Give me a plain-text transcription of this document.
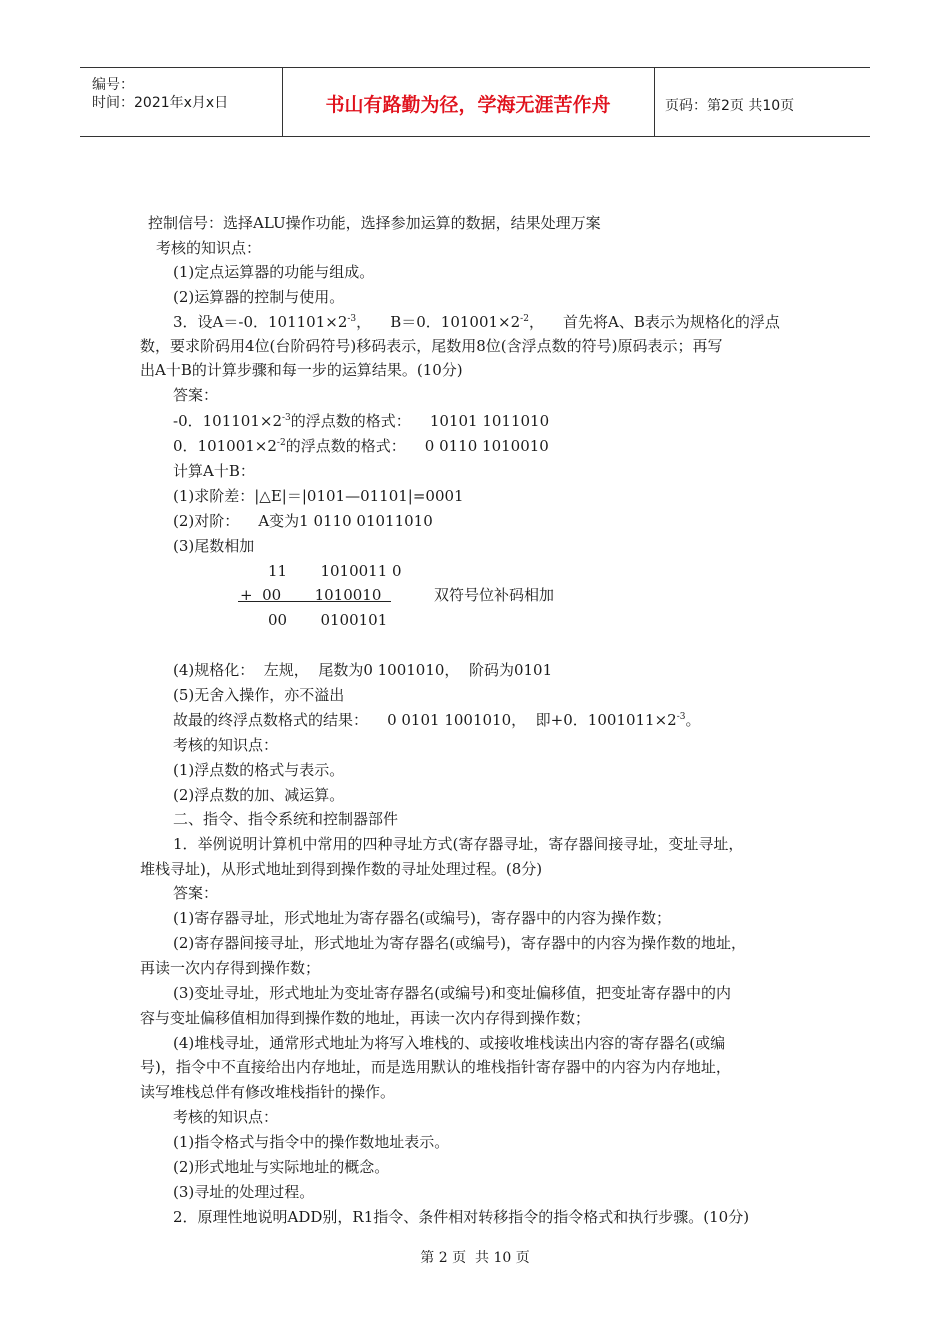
编号：
时间：2021年x月x日	书山有路勤为径，学海无涯苦作舟	页码：第2页 共10页
控制信号：选择ALU操作功能，选择参加运算的数据，结果处理万案
考核的知识点：
(1)定点运算器的功能与组成。
(2)运算器的控制与使用。
3．设A＝-0．$101101\times 2^{-3}$，    B＝0．$101001\times 2^{-2}$，    首先将A、B表示为规格化的浮点
数，要求阶码用4位(台阶码符号)移码表示，尾数用8位(含浮点数的符号)原码表示；再写
出A十B的计算步骤和每一步的运算结果。(10分)
答案：
-0．$101101\times 2^{-3}$的浮点数的格式：    10101 1011010
0．$101001\times 2^{-2}$的浮点数的格式：    0 0110 1010010
计算A十B：
(1)求阶差：|△E|＝|0101—01101|=0001
(2)对阶：    A变为1 0110 01011010
(3)尾数相加
11       1010011 0
+  00       1010010	双符号位补码相加
00       0100101
(4)规格化：  左规，  尾数为0 1001010，  阶码为0101
(5)无舍入操作，亦不溢出
故最的终浮点数格式的结果：    0 0101 1001010，  即+0．$1001011\times 2^{-3}$。
考核的知识点：
(1)浮点数的格式与表示。
(2)浮点数的加、减运算。
二、指令、指令系统和控制器部件
1．举例说明计算机中常用的四种寻址方式(寄存器寻址，寄存器间接寻址，变址寻址，
堆栈寻址)，从形式地址到得到操作数的寻址处理过程。(8分)
答案：
(1)寄存器寻址，形式地址为寄存器名(或编号)，寄存器中的内容为操作数；
(2)寄存器间接寻址，形式地址为寄存器名(或编号)，寄存器中的内容为操作数的地址，
再读一次内存得到操作数；
(3)变址寻址，形式地址为变址寄存器名(或编号)和变址偏移值，把变址寄存器中的内
容与变址偏移值相加得到操作数的地址，再读一次内存得到操作数；
(4)堆栈寻址，通常形式地址为将写入堆栈的、或接收堆栈读出内容的寄存器名(或编
号)，指令中不直接给出内存地址，而是选用默认的堆栈指针寄存器中的内容为内存地址，
读写堆栈总伴有修改堆栈指针的操作。
考核的知识点：
(1)指令格式与指令中的操作数地址表示。
(2)形式地址与实际地址的概念。
(3)寻址的处理过程。
2．原理性地说明ADD别，R1指令、条件相对转移指令的指令格式和执行步骤。(10分)
第 2 页  共 10 页
